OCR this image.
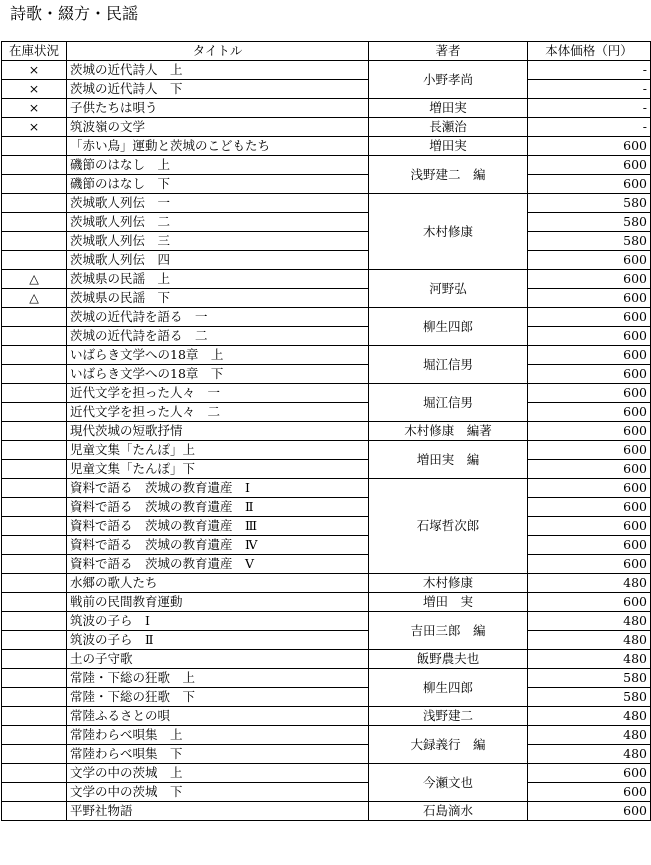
詩歌・綴方・民謡
在庫状況	タイトル	著者	本体価格（円）
×	茨城の近代詩人　上	小野孝尚	-
×	茨城の近代詩人　下		-
×	子供たちは唄う	増田実	-
×	筑波嶺の文学	長瀬治	-
	「赤い鳥」運動と茨城のこどもたち	増田実	600
	磯節のはなし　上	浅野建二　編	600
	磯節のはなし　下		600
	茨城歌人列伝　一	木村修康	580
	茨城歌人列伝　二		580
	茨城歌人列伝　三		580
	茨城歌人列伝　四		600
△	茨城県の民謡　上	河野弘	600
△	茨城県の民謡　下		600
	茨城の近代詩を語る　一	柳生四郎	600
	茨城の近代詩を語る　二		600
	いばらき文学への18章　上	堀江信男	600
	いばらき文学への18章　下		600
	近代文学を担った人々　一	堀江信男	600
	近代文学を担った人々　二		600
	現代茨城の短歌抒情	木村修康　編著	600
	児童文集「たんぽ」上	増田実　編	600
	児童文集「たんぽ」下		600
	資料で語る　茨城の教育遺産　Ⅰ	石塚哲次郎	600
	資料で語る　茨城の教育遺産　Ⅱ		600
	資料で語る　茨城の教育遺産　Ⅲ		600
	資料で語る　茨城の教育遺産　Ⅳ		600
	資料で語る　茨城の教育遺産　Ⅴ		600
	水郷の歌人たち	木村修康	480
	戦前の民間教育運動	増田　実	600
	筑波の子ら　Ⅰ	吉田三郎　編	480
	筑波の子ら　Ⅱ		480
	土の子守歌	飯野農夫也	480
	常陸・下総の狂歌　上	柳生四郎	580
	常陸・下総の狂歌　下		580
	常陸ふるさとの唄	浅野建二	480
	常陸わらべ唄集　上	大録義行　編	480
	常陸わらべ唄集　下		480
	文学の中の茨城　上	今瀬文也	600
	文学の中の茨城　下		600
	平野社物語	石島滴水	600
